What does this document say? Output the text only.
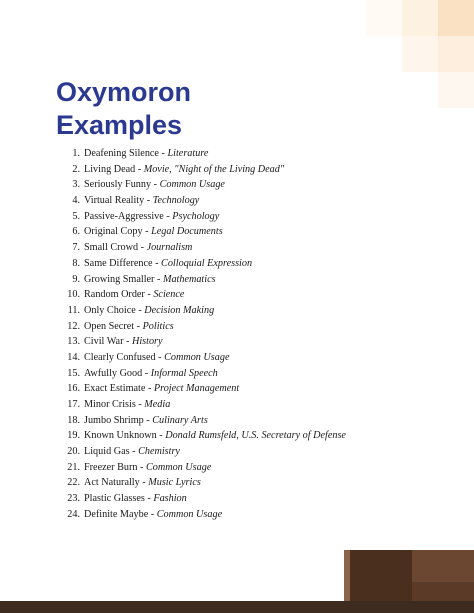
Oxymoron
Examples
1. Deafening Silence - Literature
2. Living Dead - Movie, "Night of the Living Dead"
3. Seriously Funny - Common Usage
4. Virtual Reality - Technology
5. Passive-Aggressive - Psychology
6. Original Copy - Legal Documents
7. Small Crowd - Journalism
8. Same Difference - Colloquial Expression
9. Growing Smaller - Mathematics
10. Random Order - Science
11. Only Choice - Decision Making
12. Open Secret - Politics
13. Civil War - History
14. Clearly Confused - Common Usage
15. Awfully Good - Informal Speech
16. Exact Estimate - Project Management
17. Minor Crisis - Media
18. Jumbo Shrimp - Culinary Arts
19. Known Unknown - Donald Rumsfeld, U.S. Secretary of Defense
20. Liquid Gas - Chemistry
21. Freezer Burn - Common Usage
22. Act Naturally - Music Lyrics
23. Plastic Glasses - Fashion
24. Definite Maybe - Common Usage
